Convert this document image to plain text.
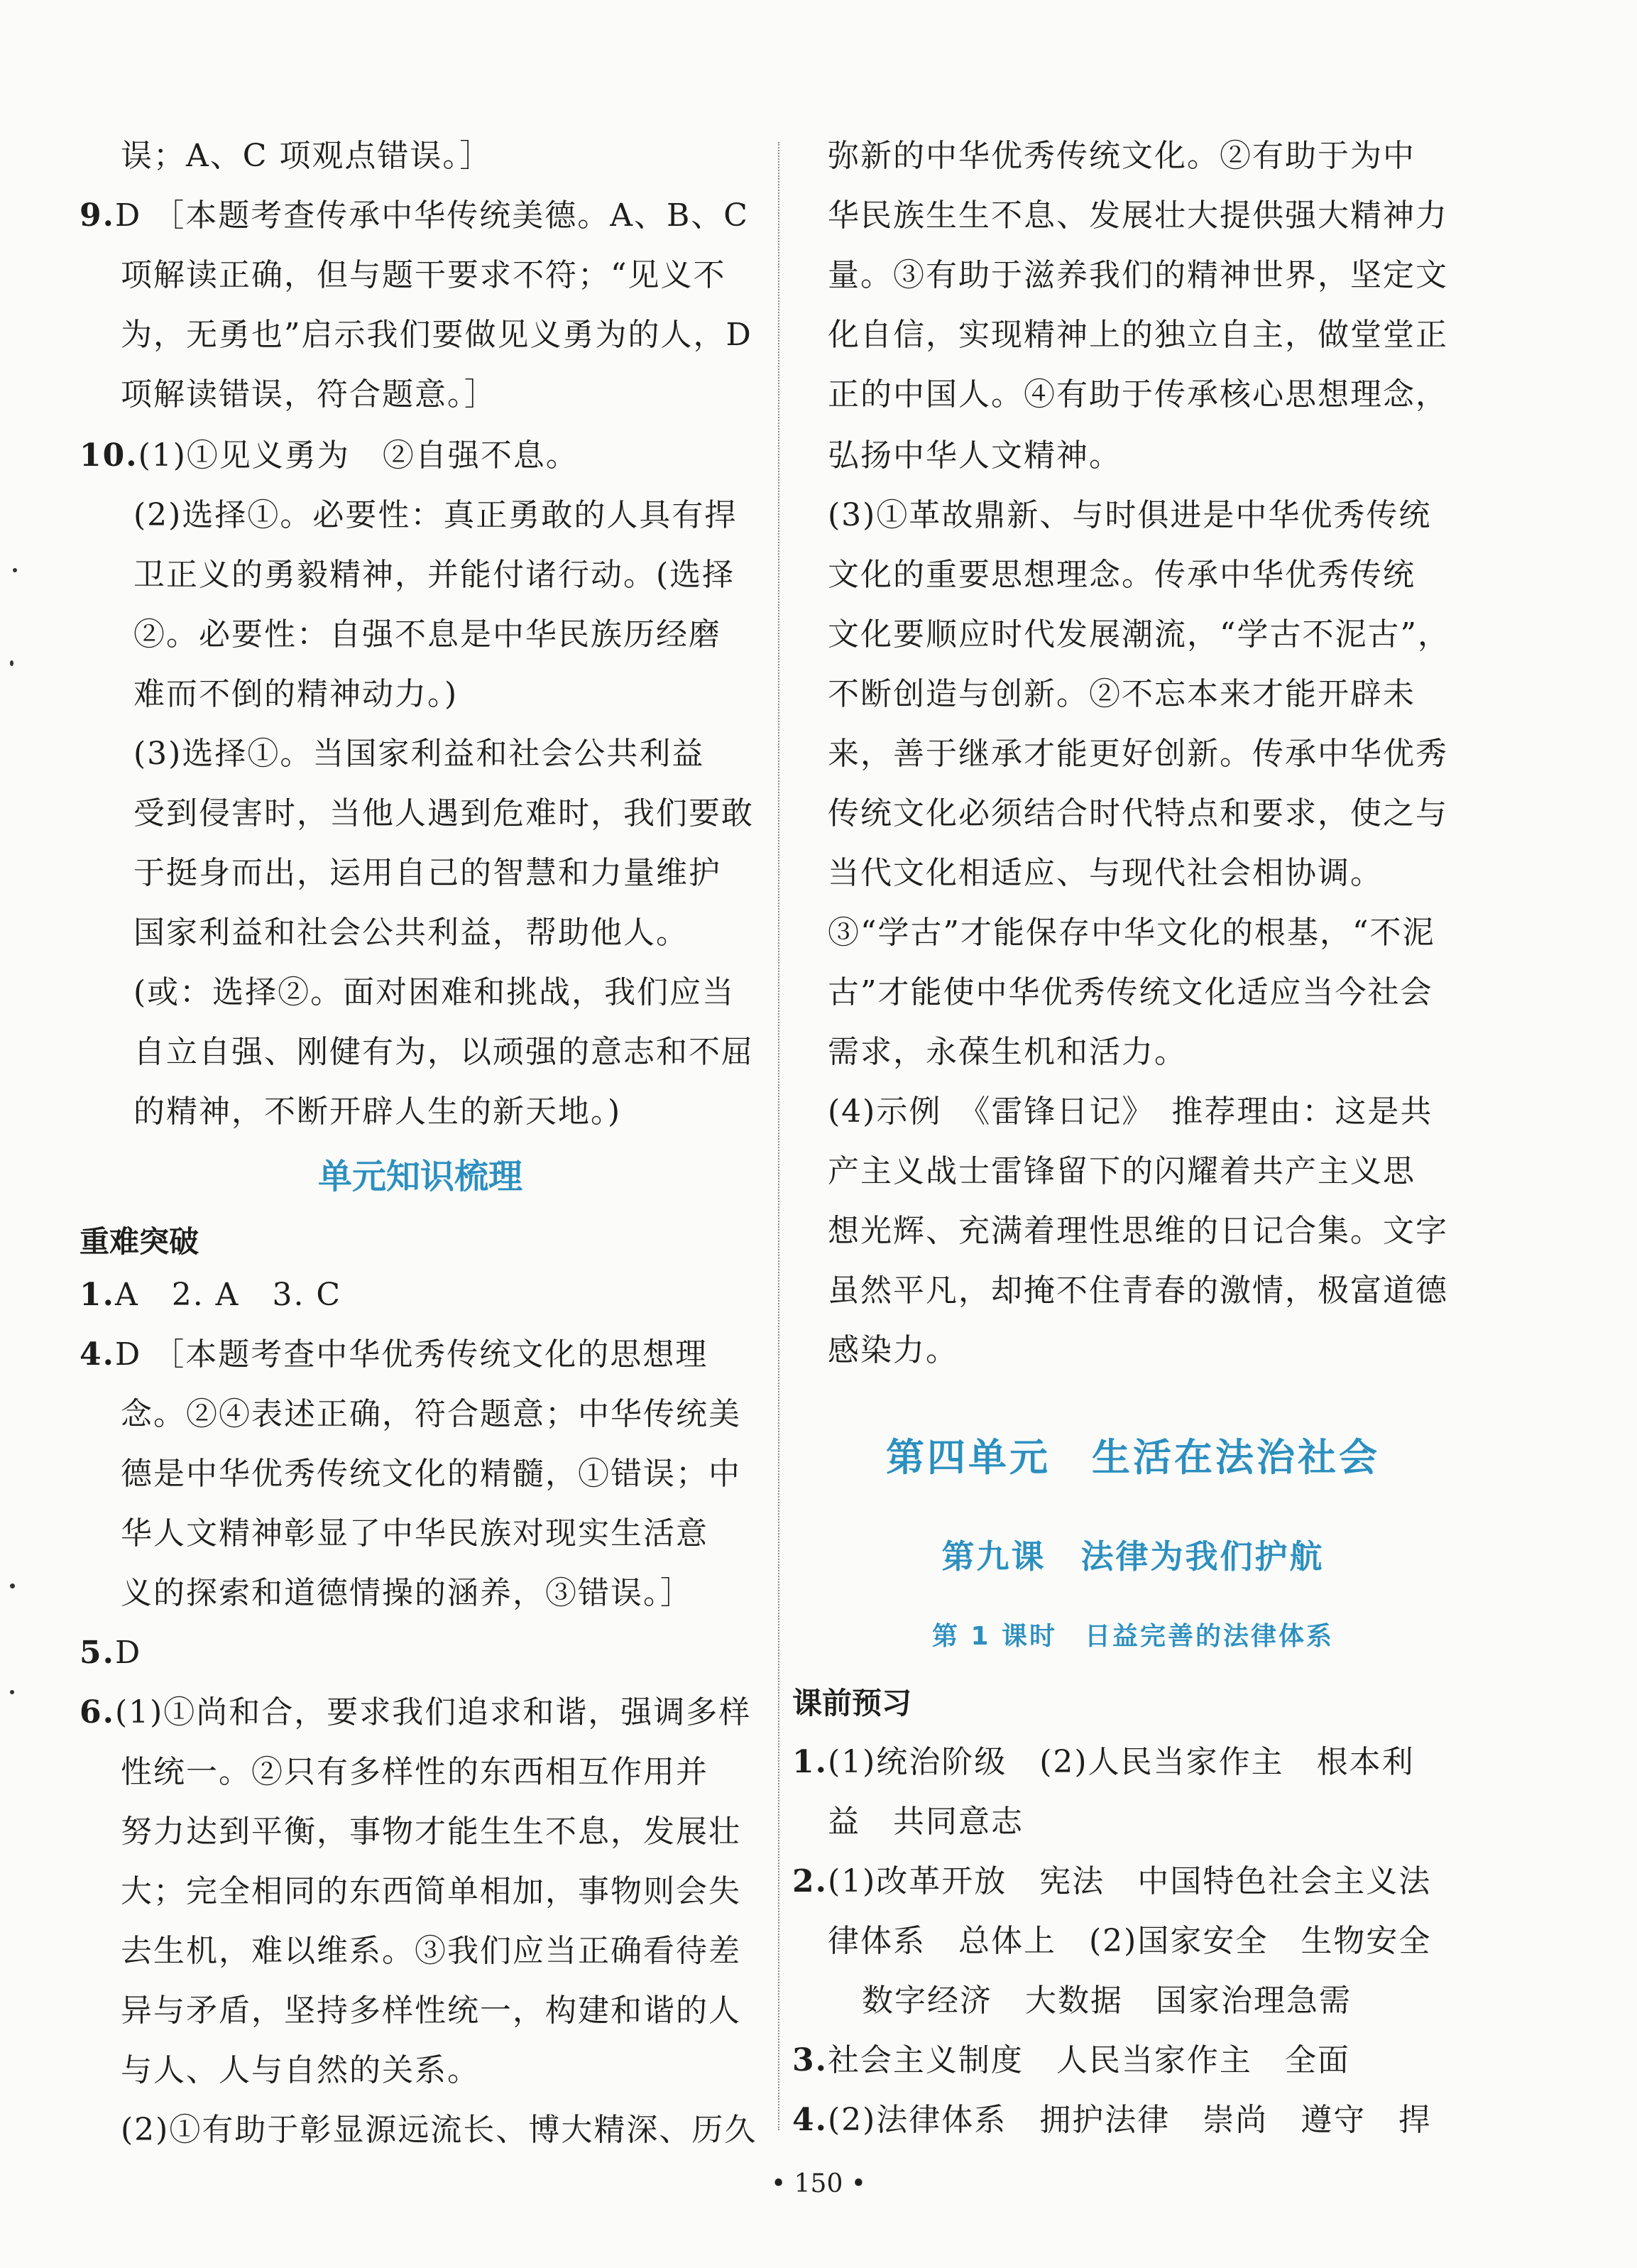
误；A、C 项观点错误。］
9.D ［本题考查传承中华传统美德。A、B、C
项解读正确，但与题干要求不符；“见义不
为，无勇也”启示我们要做见义勇为的人，D
项解读错误，符合题意。］
10.(1)①见义勇为　②自强不息。
(2)选择①。必要性：真正勇敢的人具有捍
卫正义的勇毅精神，并能付诸行动。(选择
②。必要性：自强不息是中华民族历经磨
难而不倒的精神动力。)
(3)选择①。当国家利益和社会公共利益
受到侵害时，当他人遇到危难时，我们要敢
于挺身而出，运用自己的智慧和力量维护
国家利益和社会公共利益，帮助他人。
(或：选择②。面对困难和挑战，我们应当
自立自强、刚健有为，以顽强的意志和不屈
的精神，不断开辟人生的新天地。)
单元知识梳理
重难突破
1.A　2. A　3. C
4.D ［本题考查中华优秀传统文化的思想理
念。②④表述正确，符合题意；中华传统美
德是中华优秀传统文化的精髓，①错误；中
华人文精神彰显了中华民族对现实生活意
义的探索和道德情操的涵养，③错误。］
5.D
6.(1)①尚和合，要求我们追求和谐，强调多样
性统一。②只有多样性的东西相互作用并
努力达到平衡，事物才能生生不息，发展壮
大；完全相同的东西简单相加，事物则会失
去生机，难以维系。③我们应当正确看待差
异与矛盾，坚持多样性统一，构建和谐的人
与人、人与自然的关系。
(2)①有助于彰显源远流长、博大精深、历久
弥新的中华优秀传统文化。②有助于为中
华民族生生不息、发展壮大提供强大精神力
量。③有助于滋养我们的精神世界，坚定文
化自信，实现精神上的独立自主，做堂堂正
正的中国人。④有助于传承核心思想理念，
弘扬中华人文精神。
(3)①革故鼎新、与时俱进是中华优秀传统
文化的重要思想理念。传承中华优秀传统
文化要顺应时代发展潮流，“学古不泥古”，
不断创造与创新。②不忘本来才能开辟未
来，善于继承才能更好创新。传承中华优秀
传统文化必须结合时代特点和要求，使之与
当代文化相适应、与现代社会相协调。
③“学古”才能保存中华文化的根基，“不泥
古”才能使中华优秀传统文化适应当今社会
需求，永葆生机和活力。
(4)示例　《雷锋日记》　推荐理由：这是共
产主义战士雷锋留下的闪耀着共产主义思
想光辉、充满着理性思维的日记合集。文字
虽然平凡，却掩不住青春的激情，极富道德
感染力。
第四单元　生活在法治社会
第九课　法律为我们护航
第 1 课时　日益完善的法律体系
课前预习
1.(1)统治阶级　(2)人民当家作主　根本利
益　共同意志
2.(1)改革开放　宪法　中国特色社会主义法
律体系　总体上　(2)国家安全　生物安全
数字经济　大数据　国家治理急需
3.社会主义制度　人民当家作主　全面
4.(2)法律体系　拥护法律　崇尚　遵守　捍
• 150 •
